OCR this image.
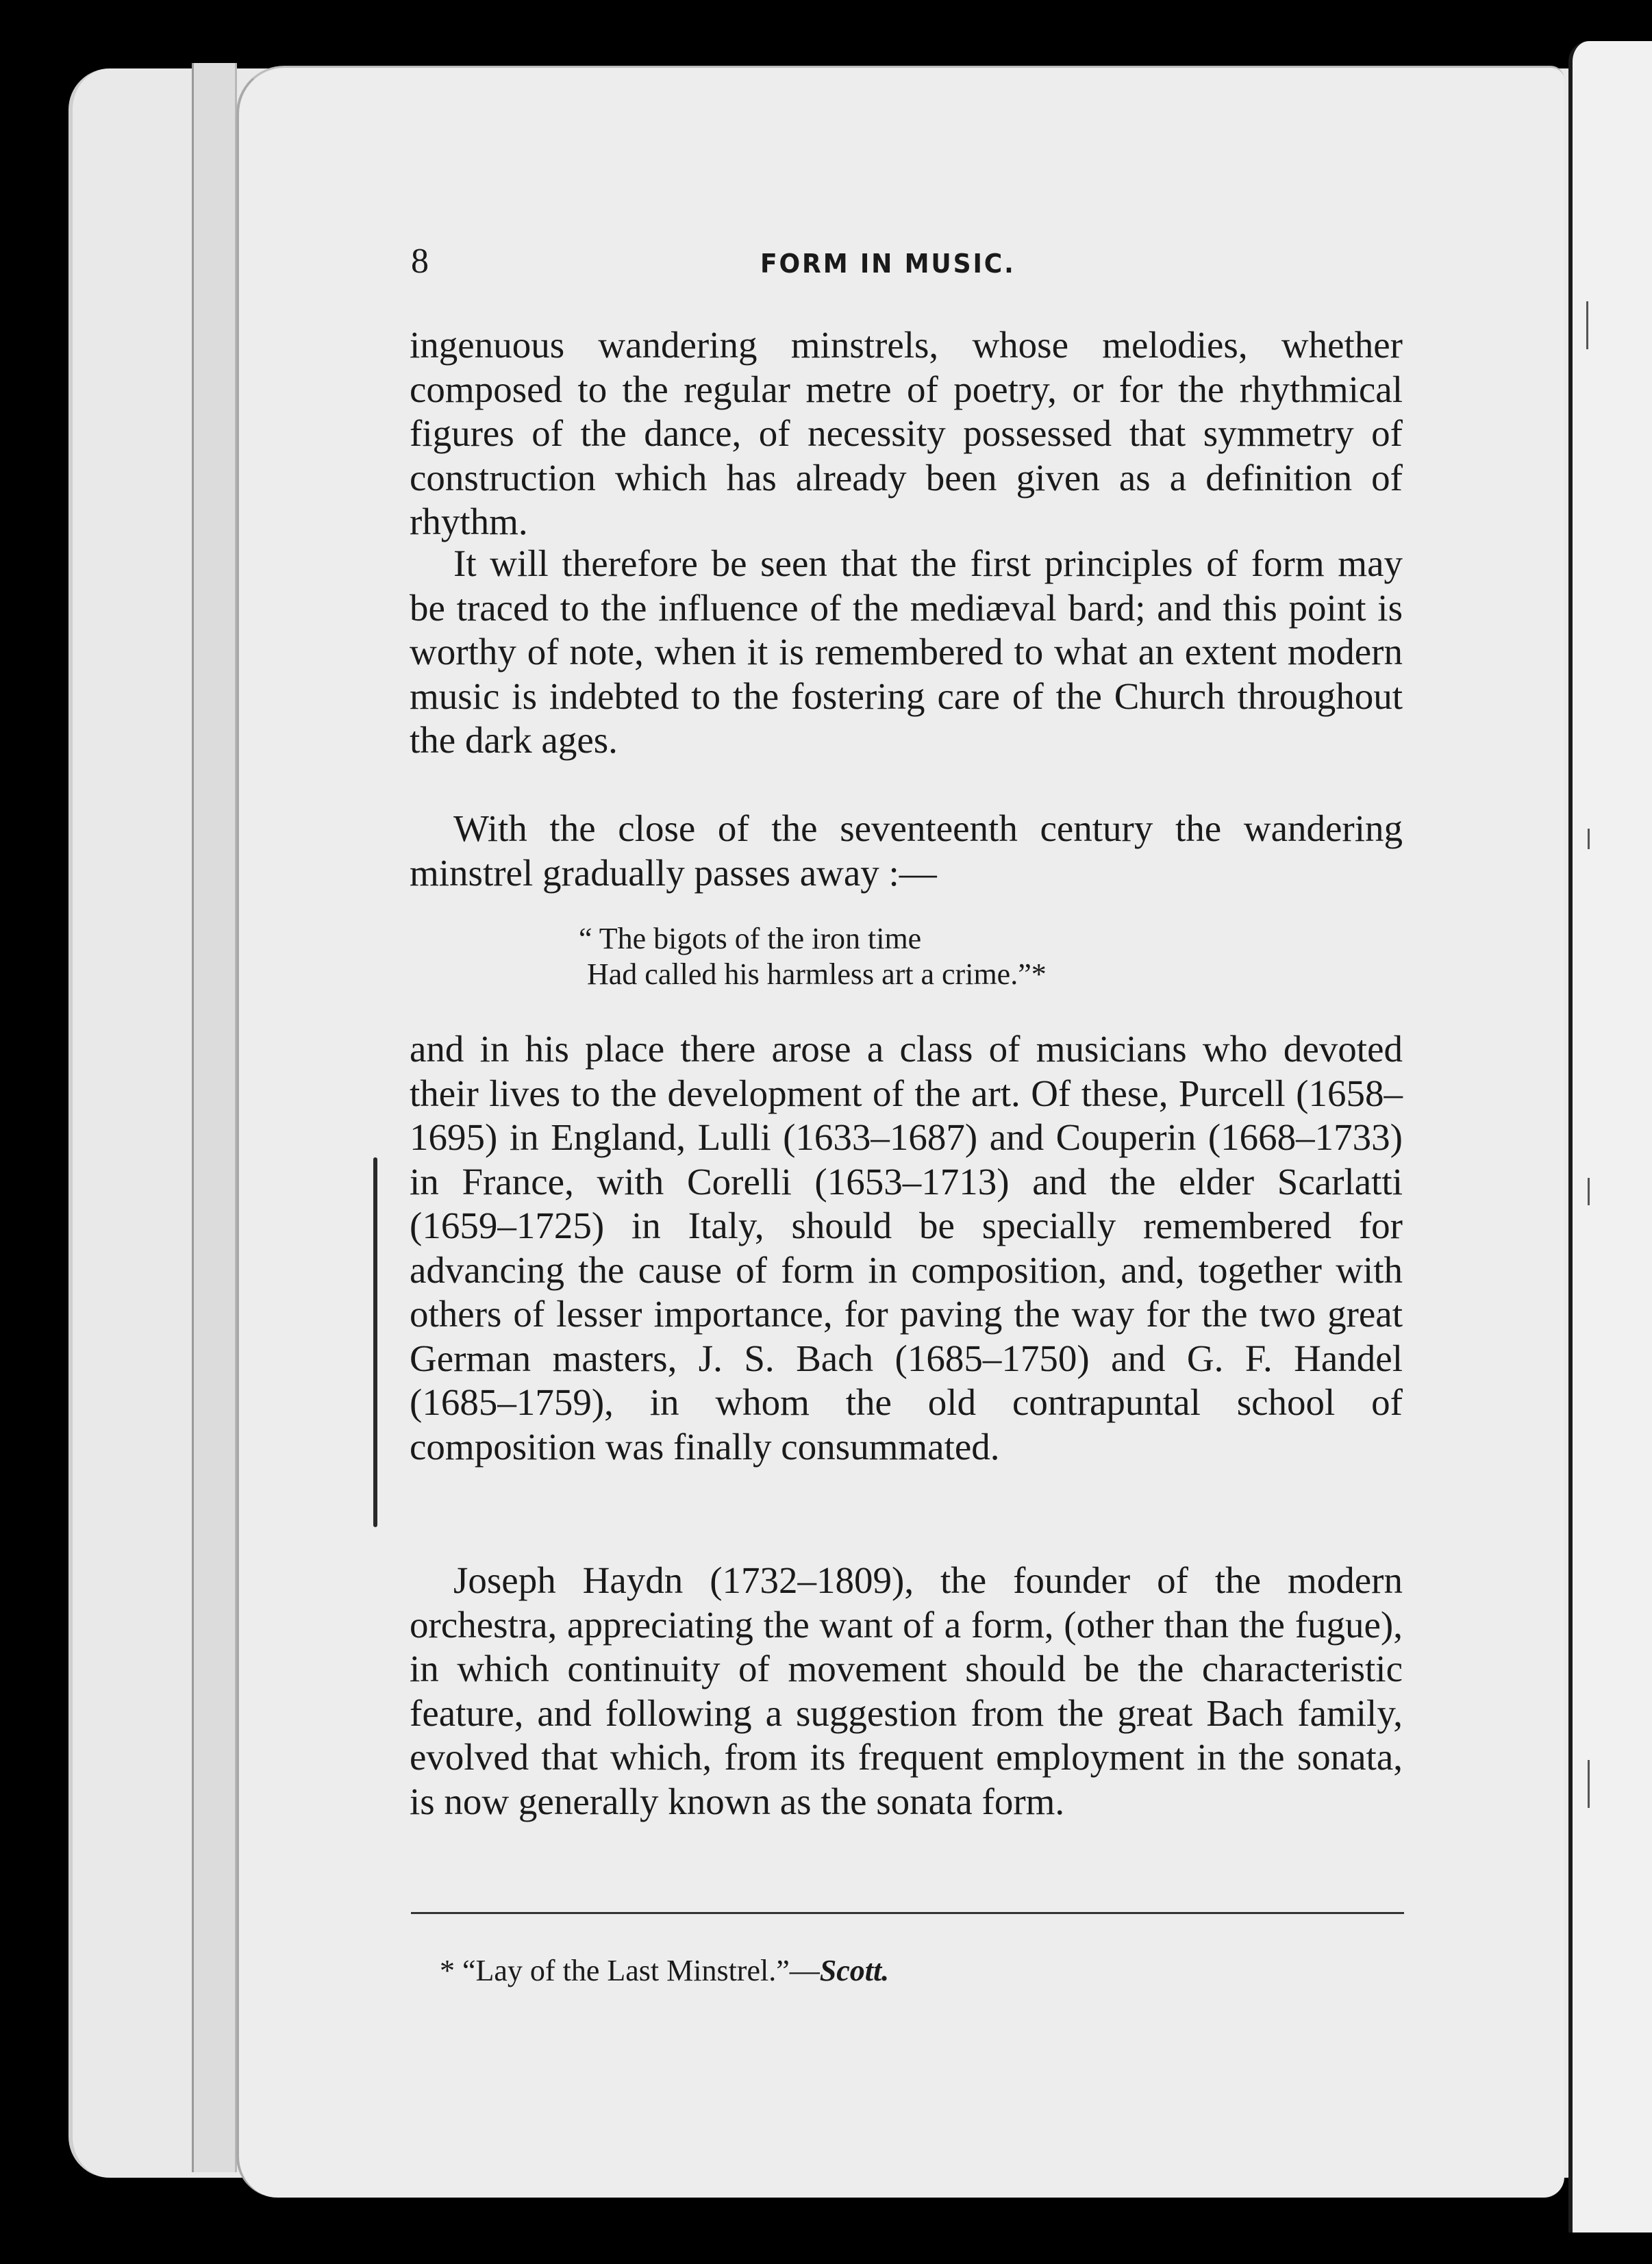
8	FORM IN MUSIC.
ingenuous wandering minstrels, whose melodies, whether composed to the regular metre of poetry, or for the rhythmical figures of the dance, of necessity possessed that symmetry of construction which has already been given as a definition of rhythm.
It will therefore be seen that the first principles of form may be traced to the influence of the mediæval bard; and this point is worthy of note, when it is remembered to what an extent modern music is indebted to the fostering care of the Church throughout the dark ages.
With the close of the seventeenth century the wandering minstrel gradually passes away :—
“ The bigots of the iron time
Had called his harmless art a crime.”*
and in his place there arose a class of musicians who devoted their lives to the development of the art. Of these, Purcell (1658–1695) in England, Lulli (1633–1687) and Couperin (1668–1733) in France, with Corelli (1653–1713) and the elder Scarlatti (1659–1725) in Italy, should be specially remembered for advancing the cause of form in composition, and, together with others of lesser importance, for paving the way for the two great German masters, J. S. Bach (1685–1750) and G. F. Handel (1685–1759), in whom the old contrapuntal school of composition was finally consummated.
Joseph Haydn (1732–1809), the founder of the modern orchestra, appreciating the want of a form, (other than the fugue), in which continuity of movement should be the characteristic feature, and following a suggestion from the great Bach family, evolved that which, from its frequent employment in the sonata, is now generally known as the sonata form.
* “Lay of the Last Minstrel.”—Scott.
